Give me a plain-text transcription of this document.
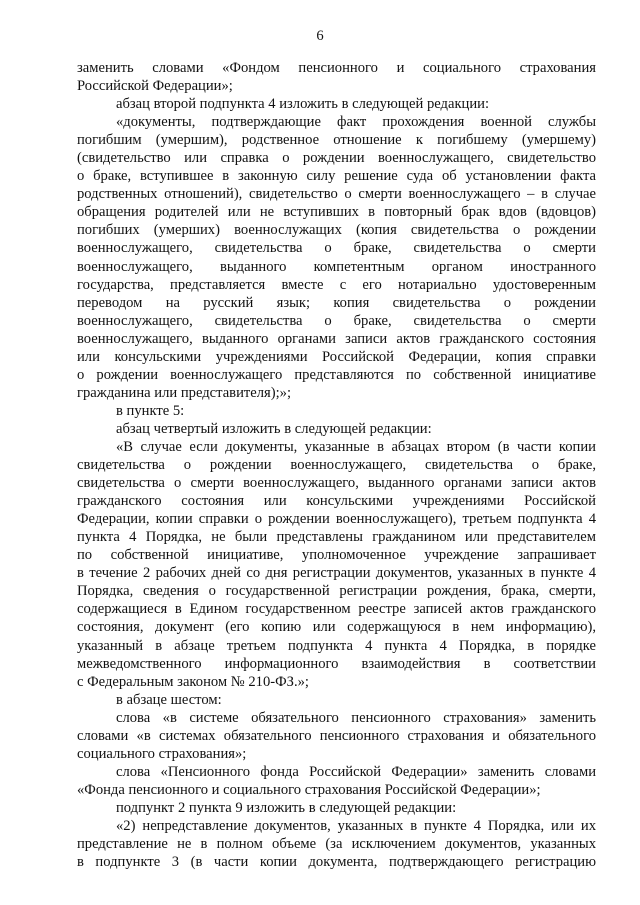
6
заменить словами «Фондом пенсионного и социального страхования
Российской Федерации»;
абзац второй подпункта 4 изложить в следующей редакции:
«документы, подтверждающие факт прохождения военной службы
погибшим (умершим), родственное отношение к погибшему (умершему)
(свидетельство или справка о рождении военнослужащего, свидетельство
о браке, вступившее в законную силу решение суда об установлении факта
родственных отношений), свидетельство о смерти военнослужащего – в случае
обращения родителей или не вступивших в повторный брак вдов (вдовцов)
погибших (умерших) военнослужащих (копия свидетельства о рождении
военнослужащего, свидетельства о браке, свидетельства о смерти
военнослужащего, выданного компетентным органом иностранного
государства, представляется вместе с его нотариально удостоверенным
переводом на русский язык; копия свидетельства о рождении
военнослужащего, свидетельства о браке, свидетельства о смерти
военнослужащего, выданного органами записи актов гражданского состояния
или консульскими учреждениями Российской Федерации, копия справки
о рождении военнослужащего представляются по собственной инициативе
гражданина или представителя);»;
в пункте 5:
абзац четвертый изложить в следующей редакции:
«В случае если документы, указанные в абзацах втором (в части копии
свидетельства о рождении военнослужащего, свидетельства о браке,
свидетельства о смерти военнослужащего, выданного органами записи актов
гражданского состояния или консульскими учреждениями Российской
Федерации, копии справки о рождении военнослужащего), третьем подпункта 4
пункта 4 Порядка, не были представлены гражданином или представителем
по собственной инициативе, уполномоченное учреждение запрашивает
в течение 2 рабочих дней со дня регистрации документов, указанных в пункте 4
Порядка, сведения о государственной регистрации рождения, брака, смерти,
содержащиеся в Едином государственном реестре записей актов гражданского
состояния, документ (его копию или содержащуюся в нем информацию),
указанный в абзаце третьем подпункта 4 пункта 4 Порядка, в порядке
межведомственного информационного взаимодействия в соответствии
с Федеральным законом № 210-ФЗ.»;
в абзаце шестом:
слова «в системе обязательного пенсионного страхования» заменить
словами «в системах обязательного пенсионного страхования и обязательного
социального страхования»;
слова «Пенсионного фонда Российской Федерации» заменить словами
«Фонда пенсионного и социального страхования Российской Федерации»;
подпункт 2 пункта 9 изложить в следующей редакции:
«2) непредставление документов, указанных в пункте 4 Порядка, или их
представление не в полном объеме (за исключением документов, указанных
в подпункте 3 (в части копии документа, подтверждающего регистрацию
